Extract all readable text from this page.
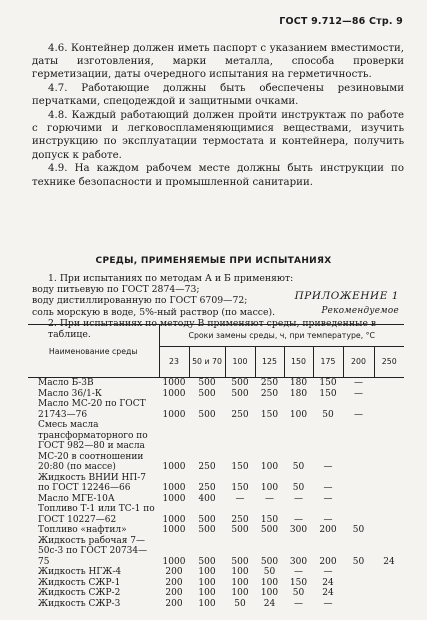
ГОСТ 9.712—86 Стр. 9

4.6. Контейнер должен иметь паспорт с указанием вместимости, даты изготовления, марки металла, способа проверки герметизации, даты очередного испытания на герметичность.

4.7. Работающие должны быть обеспечены резиновыми перчатками, спецодеждой и защитными очками.

4.8. Каждый работающий должен пройти инструктаж по работе с горючими и легковоспламеняющимися веществами, изучить инструкцию по эксплуатации термостата и контейнера, получить допуск к работе.

4.9. На каждом рабочем месте должны быть инструкции по технике безопасности и промышленной санитарии.

ПРИЛОЖЕНИЕ 1
Рекомендуемое
СРЕДЫ, ПРИМЕНЯЕМЫЕ ПРИ ИСПЫТАНИЯХ
1. При испытаниях по методам А и Б применяют:
воду питьевую по ГОСТ 2874—73;
воду дистиллированную по ГОСТ 6709—72;
соль морскую в воде, 5%-ный раствор (по массе).
2. При испытаниях по методу В применяют среды, приведенные в таблице.
Наименование среды	Сроки замены среды, ч, при температуре, °С							
	23	50 и 70	100	125	150	175	200	250
Масло Б-3В	1000	500	500	250	180	150	—	
Масло 36/1-К	1000	500	500	250	180	150	—	
Масло МС-20 по ГОСТ 21743—76	1000	500	250	150	100	50	—	
Смесь масла трансформаторного по ГОСТ 982—80 и масла МС-20 в соотношении 20:80 (по массе)	1000	250	150	100	50	—		
Жидкость ВНИИ НП-7 по ГОСТ 12246—66	1000	250	150	100	50	—		
Масло МГЕ-10А	1000	400	—	—	—	—		
Топливо Т-1 или ТС-1 по ГОСТ 10227—62	1000	500	250	150	—	—		
Топливо «нафтил»	1000	500	500	500	300	200	50	
Жидкость рабочая 7—50с-3 по ГОСТ 20734—75	1000	500	500	500	300	200	50	24
Жидкость НГЖ-4	200	100	100	50	—	—		
Жидкость СЖР-1	200	100	100	100	150	24		
Жидкость СЖР-2	200	100	100	100	50	24		
Жидкость СЖР-3	200	100	50	24	—	—		
